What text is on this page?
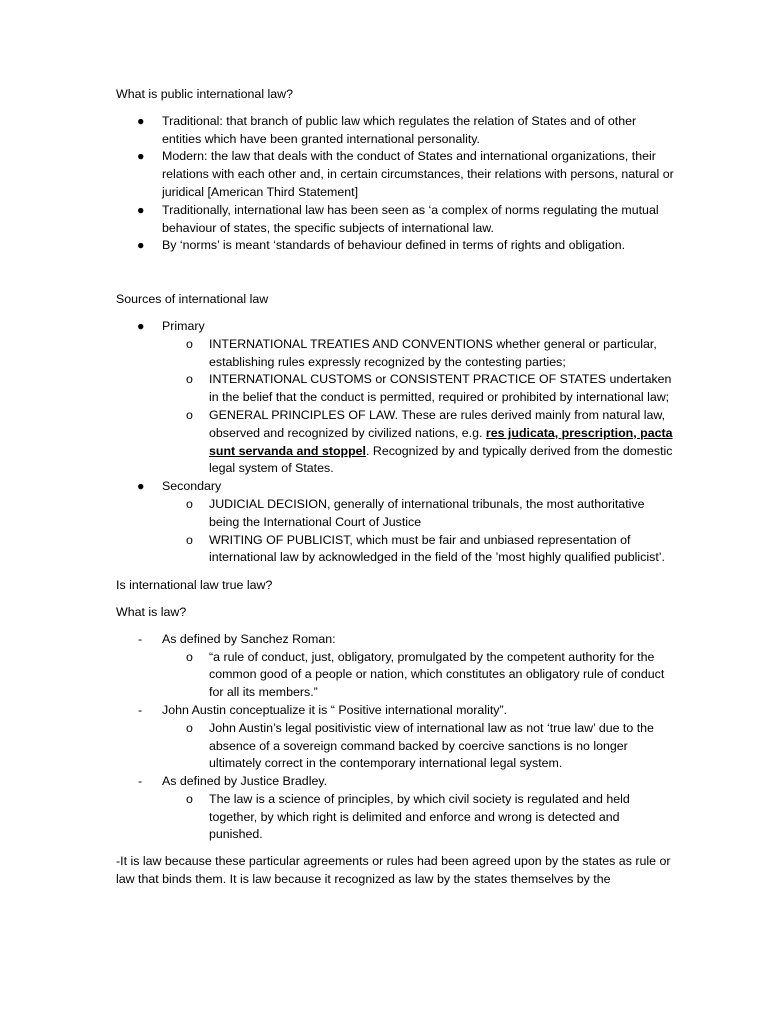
What is public international law?

● Traditional: that branch of public law which regulates the relation of States and of other entities which have been granted international personality.
● Modern: the law that deals with the conduct of States and international organizations, their relations with each other and, in certain circumstances, their relations with persons, natural or juridical [American Third Statement]
● Traditionally, international law has been seen as ‘a complex of norms regulating the mutual behaviour of states, the specific subjects of international law.
● By ‘norms’ is meant ‘standards of behaviour defined in terms of rights and obligation.

Sources of international law

● Primary
o INTERNATIONAL TREATIES AND CONVENTIONS whether general or particular, establishing rules expressly recognized by the contesting parties;
o INTERNATIONAL CUSTOMS or CONSISTENT PRACTICE OF STATES undertaken in the belief that the conduct is permitted, required or prohibited by international law;
o GENERAL PRINCIPLES OF LAW. These are rules derived mainly from natural law, observed and recognized by civilized nations, e.g. res judicata, prescription, pacta sunt servanda and stoppel. Recognized by and typically derived from the domestic legal system of States.
● Secondary
o JUDICIAL DECISION, generally of international tribunals, the most authoritative being the International Court of Justice
o WRITING OF PUBLICIST, which must be fair and unbiased representation of international law by acknowledged in the field of the ’most highly qualified publicist’.

Is international law true law?

What is law?

- As defined by Sanchez Roman:
o “a rule of conduct, just, obligatory, promulgated by the competent authority for the common good of a people or nation, which constitutes an obligatory rule of conduct for all its members.”
- John Austin conceptualize it is “ Positive international morality”.
o John Austin’s legal positivistic view of international law as not ‘true law’ due to the absence of a sovereign command backed by coercive sanctions is no longer ultimately correct in the contemporary international legal system.
- As defined by Justice Bradley.
o The law is a science of principles, by which civil society is regulated and held together, by which right is delimited and enforce and wrong is detected and punished.

-It is law because these particular agreements or rules had been agreed upon by the states as rule or law that binds them. It is law because it recognized as law by the states themselves by the
